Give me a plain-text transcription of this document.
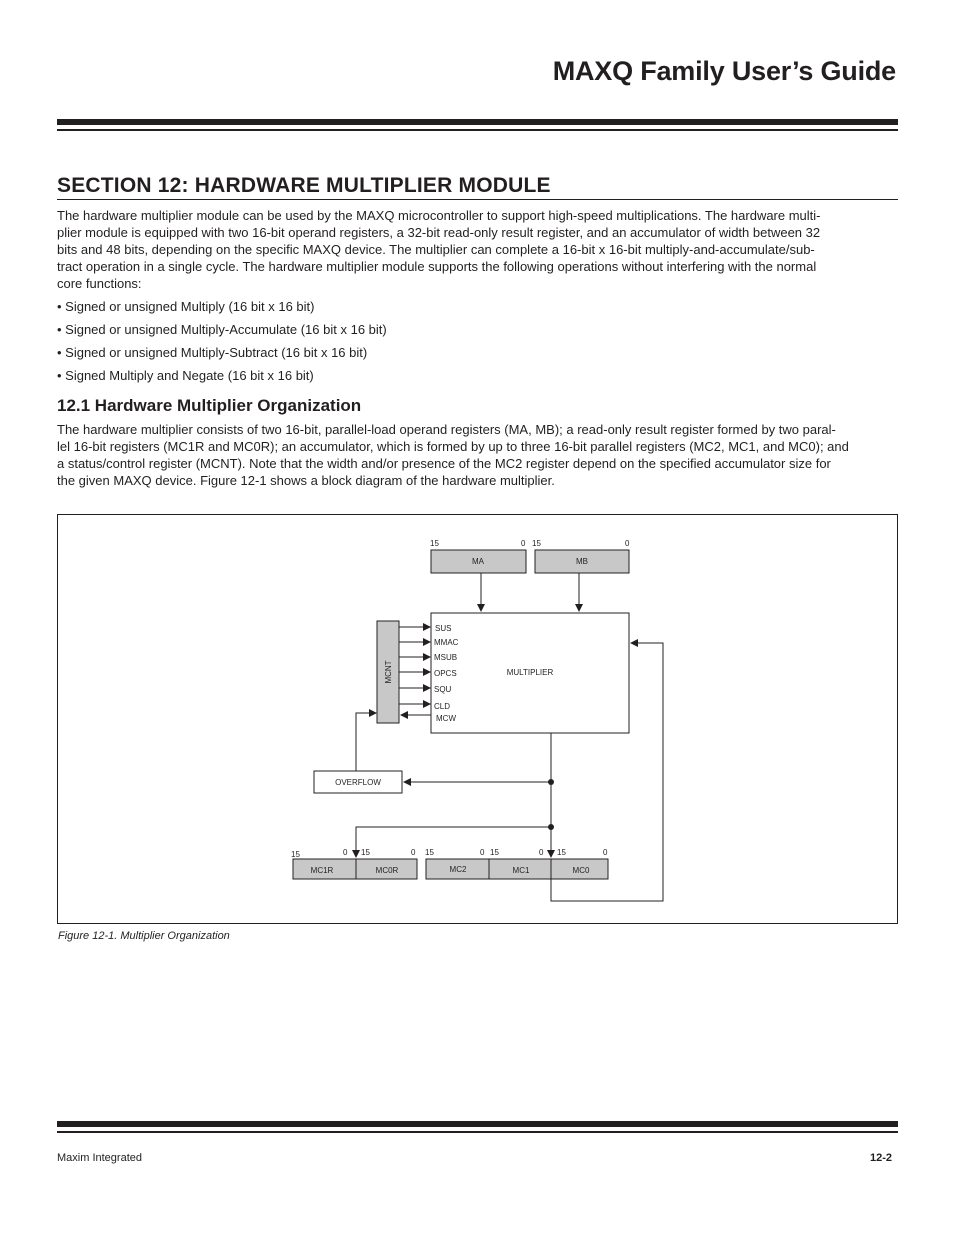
MAXQ Family User’s Guide
SECTION 12: HARDWARE MULTIPLIER MODULE
The hardware multiplier module can be used by the MAXQ microcontroller to support high-speed multiplications. The hardware multi-
plier module is equipped with two 16-bit operand registers, a 32-bit read-only result register, and an accumulator of width between 32
bits and 48 bits, depending on the specific MAXQ device. The multiplier can complete a 16-bit x 16-bit multiply-and-accumulate/sub-
tract operation in a single cycle. The hardware multiplier module supports the following operations without interfering with the normal
core functions:
• Signed or unsigned Multiply (16 bit x 16 bit)
• Signed or unsigned Multiply-Accumulate (16 bit x 16 bit)
• Signed or unsigned Multiply-Subtract (16 bit x 16 bit)
• Signed Multiply and Negate (16 bit x 16 bit)
12.1 Hardware Multiplier Organization
The hardware multiplier consists of two 16-bit, parallel-load operand registers (MA, MB); a read-only result register formed by two paral-
lel 16-bit registers (MC1R and MC0R); an accumulator, which is formed by up to three 16-bit parallel registers (MC2, MC1, and MC0); and
a status/control register (MCNT). Note that the width and/or presence of the MC2 register depend on the specified accumulator size for
the given MAXQ device. Figure 12-1 shows a block diagram of the hardware multiplier.
MA
15	0
MB
15	0
MULTIPLIER
SUS
MMAC
MSUB
OPCS
SQU
CLD
MCW
MCNT
OVERFLOW
MC1R	MC0R
15	0 15	0
MC2	MC1	MC0
15	0 15	0 15	0
Figure 12-1. Multiplier Organization
Maxim Integrated	12-2
